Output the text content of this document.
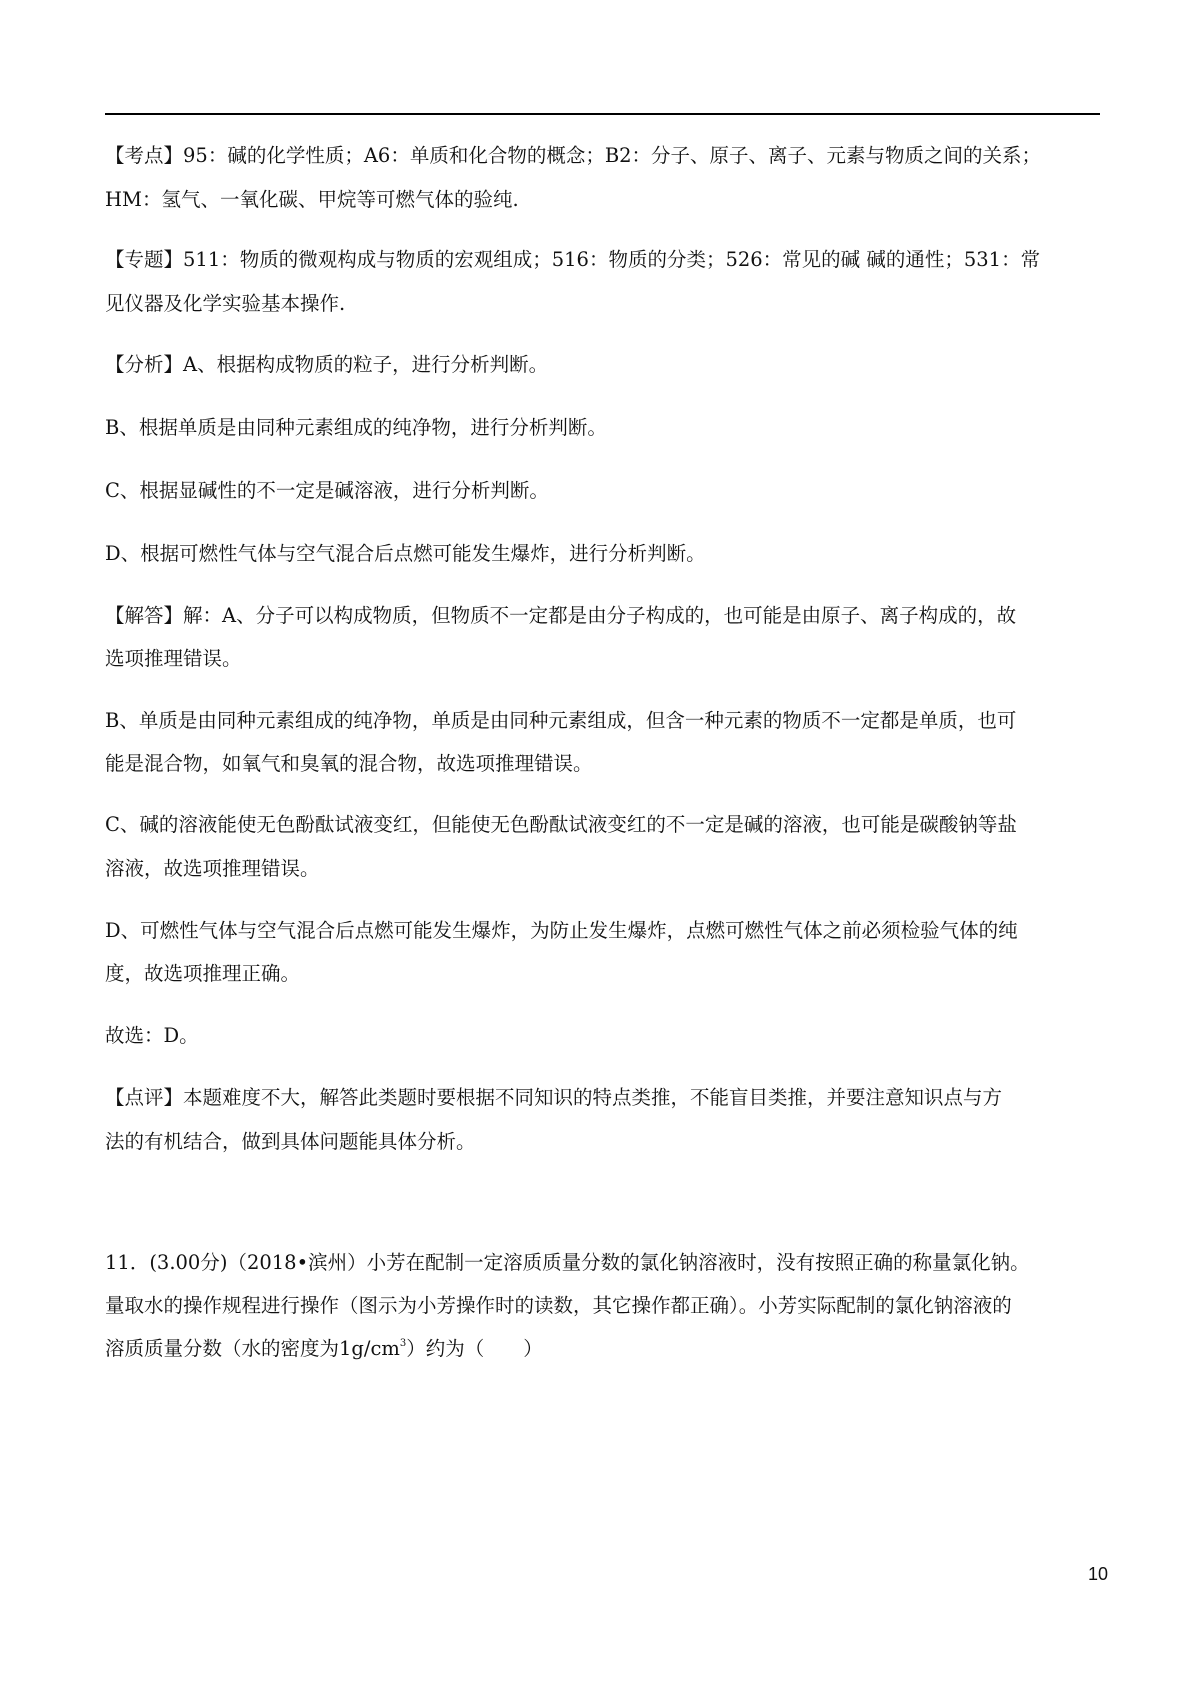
【考点】95：碱的化学性质；A6：单质和化合物的概念；B2：分子、原子、离子、元素与物质之间的关系；
HM：氢气、一氧化碳、甲烷等可燃气体的验纯.
【专题】511：物质的微观构成与物质的宏观组成；516：物质的分类；526：常见的碱 碱的通性；531：常
见仪器及化学实验基本操作.
【分析】A、根据构成物质的粒子，进行分析判断。
B、根据单质是由同种元素组成的纯净物，进行分析判断。
C、根据显碱性的不一定是碱溶液，进行分析判断。
D、根据可燃性气体与空气混合后点燃可能发生爆炸，进行分析判断。
【解答】解：A、分子可以构成物质，但物质不一定都是由分子构成的，也可能是由原子、离子构成的，故
选项推理错误。
B、单质是由同种元素组成的纯净物，单质是由同种元素组成，但含一种元素的物质不一定都是单质，也可
能是混合物，如氧气和臭氧的混合物，故选项推理错误。
C、碱的溶液能使无色酚酞试液变红，但能使无色酚酞试液变红的不一定是碱的溶液，也可能是碳酸钠等盐
溶液，故选项推理错误。
D、可燃性气体与空气混合后点燃可能发生爆炸，为防止发生爆炸，点燃可燃性气体之前必须检验气体的纯
度，故选项推理正确。
故选：D。
【点评】本题难度不大，解答此类题时要根据不同知识的特点类推，不能盲目类推，并要注意知识点与方
法的有机结合，做到具体问题能具体分析。
11．(3.00分)（2018•滨州）小芳在配制一定溶质质量分数的氯化钠溶液时，没有按照正确的称量氯化钠。
量取水的操作规程进行操作（图示为小芳操作时的读数，其它操作都正确）。小芳实际配制的氯化钠溶液的
溶质质量分数（水的密度为$1g/cm^3$）约为（　　）
10
